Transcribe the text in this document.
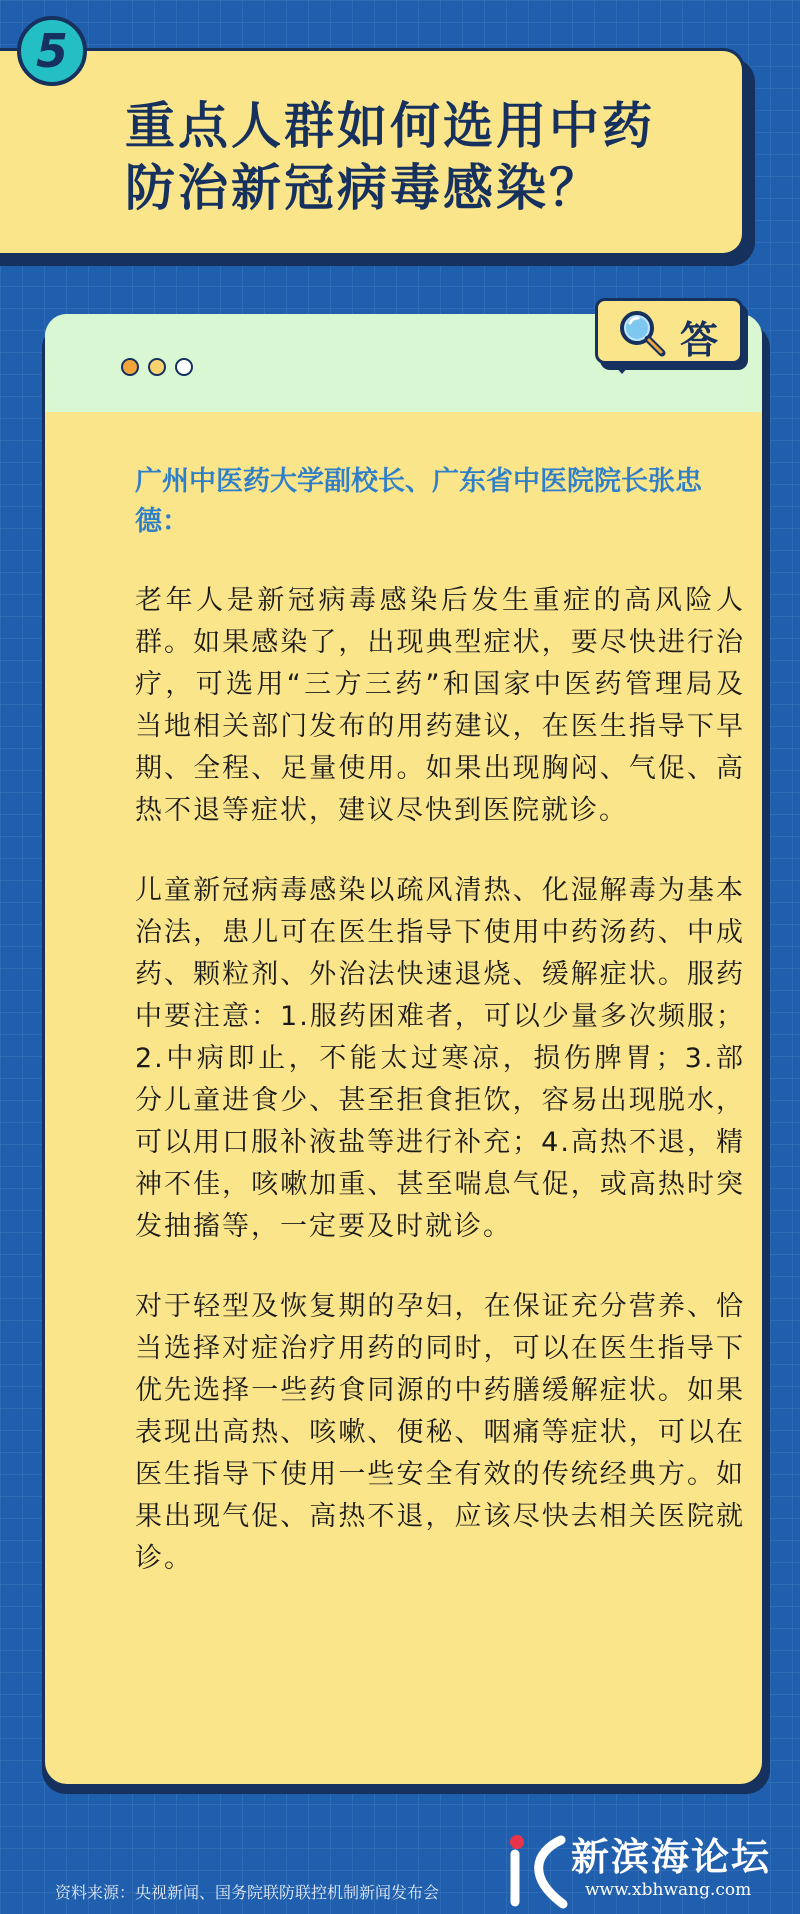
重点人群如何选用中药
防治新冠病毒感染？
5
答

广州中医药大学副校长、广东省中医院院长张忠德：

老年人是新冠病毒感染后发生重症的高风险人群。如果感染了，出现典型症状，要尽快进行治疗，可选用“三方三药”和国家中医药管理局及当地相关部门发布的用药建议，在医生指导下早期、全程、足量使用。如果出现胸闷、气促、高热不退等症状，建议尽快到医院就诊。

儿童新冠病毒感染以疏风清热、化湿解毒为基本治法，患儿可在医生指导下使用中药汤药、中成药、颗粒剂、外治法快速退烧、缓解症状。服药中要注意：1.服药困难者，可以少量多次频服；2.中病即止，不能太过寒凉，损伤脾胃；3.部分儿童进食少、甚至拒食拒饮，容易出现脱水，可以用口服补液盐等进行补充；4.高热不退，精神不佳，咳嗽加重、甚至喘息气促，或高热时突发抽搐等，一定要及时就诊。

对于轻型及恢复期的孕妇，在保证充分营养、恰当选择对症治疗用药的同时，可以在医生指导下优先选择一些药食同源的中药膳缓解症状。如果表现出高热、咳嗽、便秘、咽痛等症状，可以在医生指导下使用一些安全有效的传统经典方。如果出现气促、高热不退，应该尽快去相关医院就诊。

资料来源：央视新闻、国务院联防联控机制新闻发布会
新滨海论坛
www.xbhwang.com
